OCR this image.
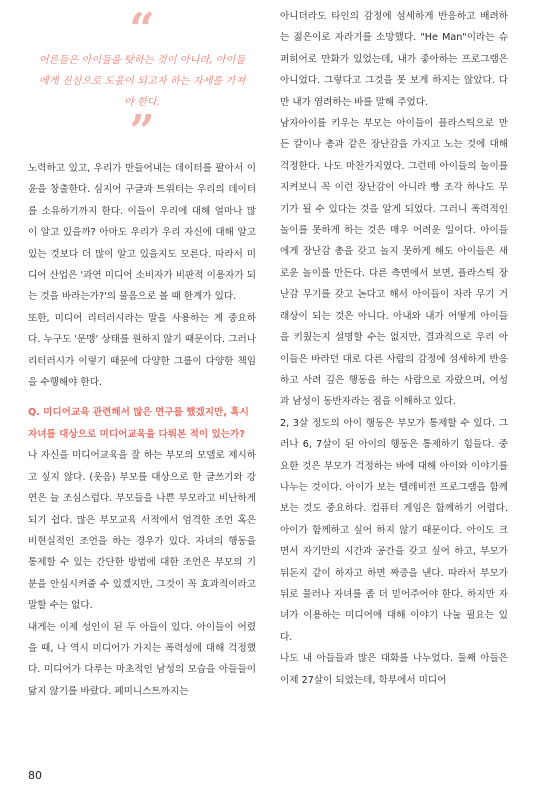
“
어른들은 아이들을 탓하는 것이 아니라, 아이들에게 진심으로 도움이 되고자 하는 자세를 가져야 한다.
”

노력하고 있고, 우리가 만들어내는 데이터를 팔아서 이윤을 창출한다. 심지어 구글과 트위터는 우리의 데이터를 소유하기까지 한다. 이들이 우리에 대해 얼마나 많이 알고 있을까? 아마도 우리가 우리 자신에 대해 알고 있는 것보다 더 많이 알고 있을지도 모른다. 따라서 미디어 산업은 '과연 미디어 소비자가 비판적 이용자가 되는 것을 바라는가?'의 물음으로 볼 때 한계가 있다.

또한, 미디어 리터러시라는 말을 사용하는 게 중요하다. 누구도 '문맹' 상태를 원하지 않기 때문이다. 그러나 리터러시가 이렇기 때문에 다양한 그룹이 다양한 책임을 수행해야 한다.

Q. 미디어교육 관련해서 많은 연구를 했겠지만, 혹시 자녀를 대상으로 미디어교육을 다뤄본 적이 있는가?

나 자신을 미디어교육을 잘 하는 부모의 모델로 제시하고 싶지 않다. (웃음) 부모를 대상으로 한 글쓰기와 강연은 늘 조심스럽다. 부모들을 나쁜 부모라고 비난하게 되기 쉽다. 많은 부모교육 서적에서 엄격한 조언 혹은 비현실적인 조언을 하는 경우가 있다. 자녀의 행동을 통제할 수 있는 간단한 방법에 대한 조언은 부모의 기분을 안심시켜줄 수 있겠지만, 그것이 꼭 효과적이라고 말할 수는 없다.

내게는 이제 성인이 된 두 아들이 있다. 아이들이 어렸을 때, 나 역시 미디어가 가지는 폭력성에 대해 걱정했다. 미디어가 다루는 마초적인 남성의 모습을 아들들이 닮지 않기를 바랐다. 페미니스트까지는

아니더라도 타인의 감정에 섬세하게 반응하고 배려하는 젊은이로 자라기를 소망했다. "He Man"이라는 슈퍼히어로 만화가 있었는데, 내가 좋아하는 프로그램은 아니었다. 그렇다고 그것을 못 보게 하지는 않았다. 다만 내가 염려하는 바를 말해 주었다.

남자아이를 키우는 부모는 아이들이 플라스틱으로 만든 칼이나 총과 같은 장난감을 가지고 노는 것에 대해 걱정한다. 나도 마찬가지였다. 그런데 아이들의 놀이를 지켜보니 꼭 이런 장난감이 아니라 빵 조각 하나도 무기가 될 수 있다는 것을 알게 되었다. 그러니 폭력적인 놀이를 못하게 하는 것은 매우 어려운 일이다. 아이들에게 장난감 총을 갖고 놀지 못하게 해도 아이들은 새로운 놀이를 만든다. 다른 측면에서 보면, 플라스틱 장난감 무기를 갖고 논다고 해서 아이들이 자라 무기 거래상이 되는 것은 아니다. 아내와 내가 어떻게 아이들을 키웠는지 설명할 수는 없지만, 결과적으로 우리 아이들은 바라던 대로 다른 사람의 감정에 섬세하게 반응하고 사려 깊은 행동을 하는 사람으로 자랐으며, 여성과 남성이 동반자라는 점을 이해하고 있다.

2, 3살 정도의 아이 행동은 부모가 통제할 수 있다. 그러나 6, 7살이 된 아이의 행동은 통제하기 힘들다. 중요한 것은 부모가 걱정하는 바에 대해 아이와 이야기를 나누는 것이다. 아이가 보는 텔레비전 프로그램을 함께 보는 것도 중요하다. 컴퓨터 게임은 함께하기 어렵다. 아이가 함께하고 싶어 하지 않기 때문이다. 아이도 크면서 자기만의 시간과 공간을 갖고 싶어 하고, 부모가 뒤돈지 같이 하자고 하면 짜증을 낸다. 따라서 부모가 뒤로 물러나 자녀를 좀 더 믿어주어야 한다. 하지만 자녀가 이용하는 미디어에 대해 이야기 나눌 필요는 있다.

나도 내 아들들과 많은 대화를 나누었다. 둘째 아들은 이제 27살이 되었는데, 학부에서 미디어

80
